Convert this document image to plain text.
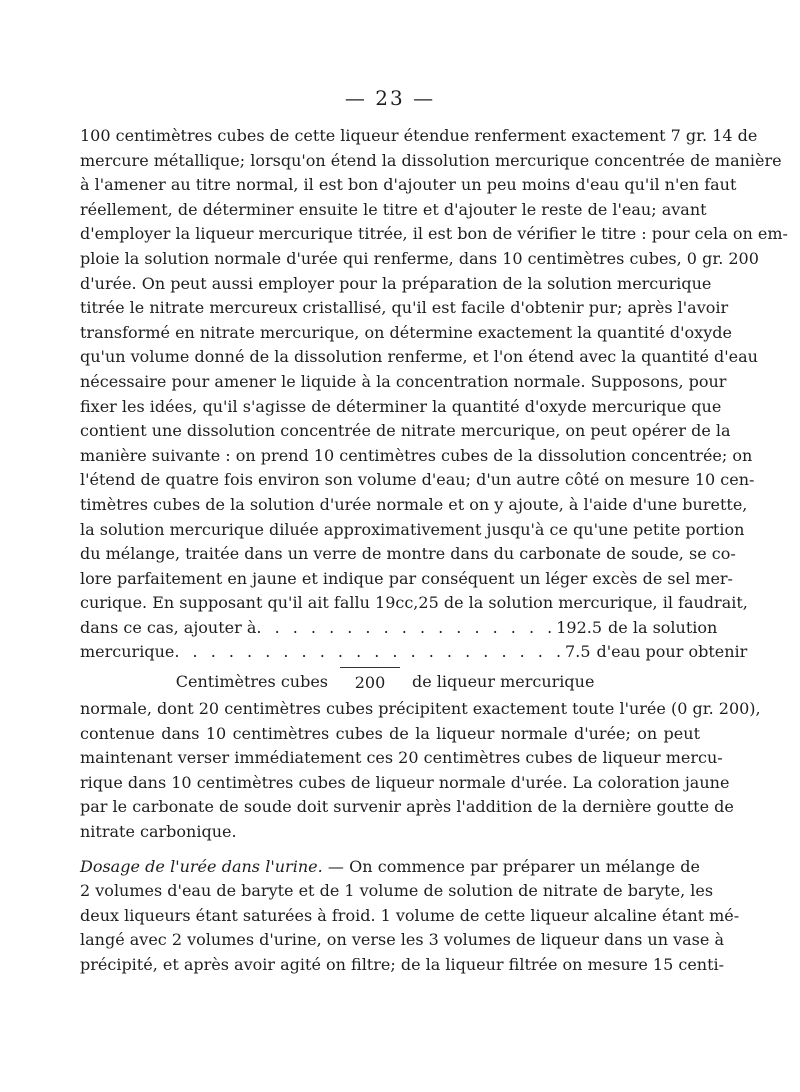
— 23 —
100 centimètres cubes de cette liqueur étendue renferment exactement 7 gr. 14 de
mercure métallique; lorsqu'on étend la dissolution mercurique concentrée de manière
à l'amener au titre normal, il est bon d'ajouter un peu moins d'eau qu'il n'en faut
réellement, de déterminer ensuite le titre et d'ajouter le reste de l'eau; avant
d'employer la liqueur mercurique titrée, il est bon de vérifier le titre : pour cela on em-
ploie la solution normale d'urée qui renferme, dans 10 centimètres cubes, 0 gr. 200
d'urée. On peut aussi employer pour la préparation de la solution mercurique
titrée le nitrate mercureux cristallisé, qu'il est facile d'obtenir pur; après l'avoir
transformé en nitrate mercurique, on détermine exactement la quantité d'oxyde
qu'un volume donné de la dissolution renferme, et l'on étend avec la quantité d'eau
nécessaire pour amener le liquide à la concentration normale. Supposons, pour
fixer les idées, qu'il s'agisse de déterminer la quantité d'oxyde mercurique que
contient une dissolution concentrée de nitrate mercurique, on peut opérer de la
manière suivante : on prend 10 centimètres cubes de la dissolution concentrée; on
l'étend de quatre fois environ son volume d'eau; d'un autre côté on mesure 10 cen-
timètres cubes de la solution d'urée normale et on y ajoute, à l'aide d'une burette,
la solution mercurique diluée approximativement jusqu'à ce qu'une petite portion
du mélange, traitée dans un verre de montre dans du carbonate de soude, se co-
lore parfaitement en jaune et indique par conséquent un léger excès de sel mer-
curique. En supposant qu'il ait fallu 19cc,25 de la solution mercurique, il faudrait,
dans ce cas, ajouter à . . . . . . . . . . . . . . . . . 192.5 de la solution
mercurique . . . . . . . . . . . . . . . . . . . . . . 7.5 d'eau pour obtenir
Centimètres cubes	200	de liqueur mercurique
normale, dont 20 centimètres cubes précipitent exactement toute l'urée (0 gr. 200),
contenue dans 10 centimètres cubes de la liqueur normale d'urée; on peut
maintenant verser immédiatement ces 20 centimètres cubes de liqueur mercu-
rique dans 10 centimètres cubes de liqueur normale d'urée. La coloration jaune
par le carbonate de soude doit survenir après l'addition de la dernière goutte de
nitrate carbonique.
Dosage de l'urée dans l'urine. — On commence par préparer un mélange de
2 volumes d'eau de baryte et de 1 volume de solution de nitrate de baryte, les
deux liqueurs étant saturées à froid. 1 volume de cette liqueur alcaline étant mé-
langé avec 2 volumes d'urine, on verse les 3 volumes de liqueur dans un vase à
précipité, et après avoir agité on filtre; de la liqueur filtrée on mesure 15 centi-
